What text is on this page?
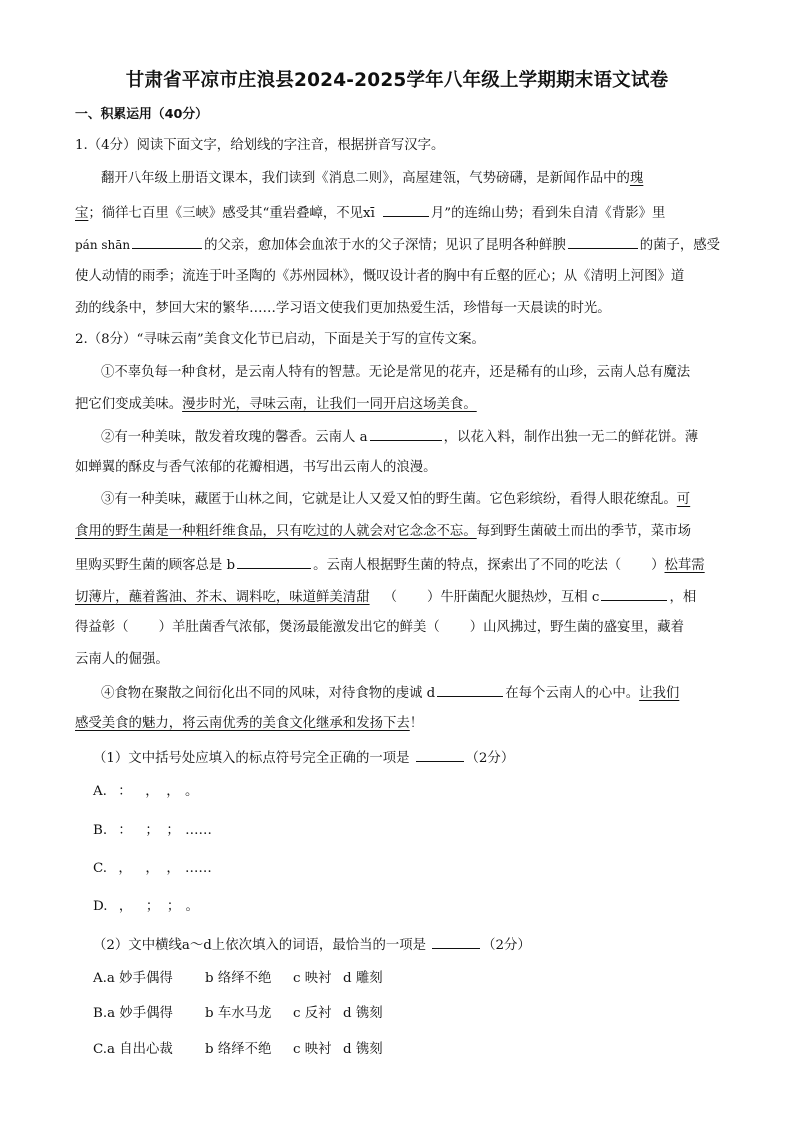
甘肃省平凉市庄浪县2024-2025学年八年级上学期期末语文试卷
一、积累运用（40分）
1.（4分）阅读下面文字，给划线的字注音，根据拼音写汉字。
翻开八年级上册语文课本，我们读到《消息二则》，高屋建瓴，气势磅礴，是新闻作品中的瑰
宝；徜徉七百里《三峡》感受其“重岩叠嶂，不见xī	月”的连绵山势；看到朱自清《背影》里
pán shān	的父亲，愈加体会血浓于水的父子深情；见识了昆明各种鲜腴	的菌子，感受
使人动情的雨季；流连于叶圣陶的《苏州园林》，慨叹设计者的胸中有丘壑的匠心；从《清明上河图》道
劲的线条中，梦回大宋的繁华……学习语文使我们更加热爱生活，珍惜每一天晨读的时光。
2.（8分）“寻味云南”美食文化节已启动，下面是关于写的宣传文案。
①不辜负每一种食材，是云南人特有的智慧。无论是常见的花卉，还是稀有的山珍，云南人总有魔法
把它们变成美味。漫步时光，寻味云南，让我们一同开启这场美食。
②有一种美味，散发着玫瑰的馨香。云南人 a	，以花入料，制作出独一无二的鲜花饼。薄
如蝉翼的酥皮与香气浓郁的花瓣相遇，书写出云南人的浪漫。
③有一种美味，藏匿于山林之间，它就是让人又爱又怕的野生菌。它色彩缤纷，看得人眼花缭乱。可
食用的野生菌是一种粗纤维食品，只有吃过的人就会对它念念不忘。每到野生菌破土而出的季节，菜市场
里购买野生菌的顾客总是 b	。云南人根据野生菌的特点，探索出了不同的吃法（ ）松茸需
切薄片，蘸着酱油、芥末、调料吃，味道鲜美清甜 （ ）牛肝菌配火腿热炒，互相 c	，相
得益彰（ ）羊肚菌香气浓郁，煲汤最能激发出它的鲜美（ ）山风拂过，野生菌的盛宴里，藏着
云南人的倔强。
④食物在聚散之间衍化出不同的风味，对待食物的虔诚 d	在每个云南人的心中。让我们
感受美食的魅力，将云南优秀的美食文化继承和发扬下去！
（1）文中括号处应填入的标点符号完全正确的一项是	（2分）
A. ： ， ， 。
B. ： ； ； ……
C. ， ， ， ……
D. ， ； ； 。
（2）文中横线a～d上依次填入的词语，最恰当的一项是	（2分）
A.a 妙手偶得 b 络绎不绝 c 映衬 d 雕刻
B.a 妙手偶得 b 车水马龙 c 反衬 d 镌刻
C.a 自出心裁 b 络绎不绝 c 映衬 d 镌刻
